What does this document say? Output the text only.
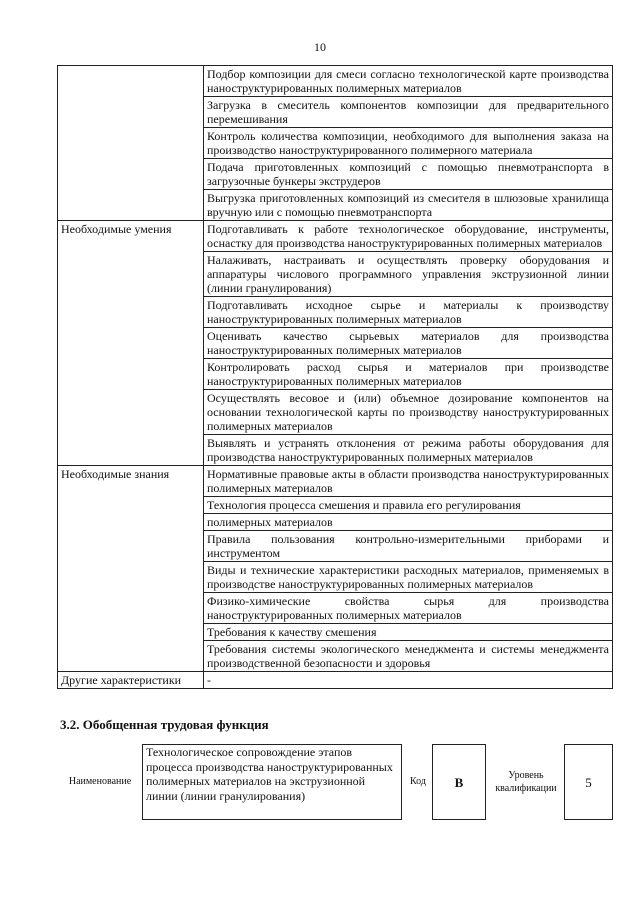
10
	Подбор композиции для смеси согласно технологической карте производства наноструктурированных полимерных материалов
	Загрузка в смеситель компонентов композиции для предварительного перемешивания
	Контроль количества композиции, необходимого для выполнения заказа на производство наноструктурированного полимерного материала
	Подача приготовленных композиций с помощью пневмотранспорта в загрузочные бункеры экструдеров
	Выгрузка приготовленных композиций из смесителя в шлюзовые хранилища вручную или с помощью пневмотранспорта
Необходимые умения	Подготавливать к работе технологическое оборудование, инструменты, оснастку для производства наноструктурированных полимерных материалов
	Налаживать, настраивать и осуществлять проверку оборудования и аппаратуры числового программного управления экструзионной линии (линии гранулирования)
	Подготавливать исходное сырье и материалы к производству наноструктурированных полимерных материалов
	Оценивать качество сырьевых материалов для производства наноструктурированных полимерных материалов
	Контролировать расход сырья и материалов при производстве наноструктурированных полимерных материалов
	Осуществлять весовое и (или) объемное дозирование компонентов на основании технологической карты по производству наноструктурированных полимерных материалов
	Выявлять и устранять отклонения от режима работы оборудования для производства наноструктурированных полимерных материалов
Необходимые знания	Нормативные правовые акты в области производства наноструктурированных полимерных материалов
	Технология процесса смешения и правила его регулирования
	полимерных материалов
	Правила пользования контрольно-измерительными приборами и инструментом
	Виды и технические характеристики расходных материалов, применяемых в производстве наноструктурированных полимерных материалов
	Физико-химические свойства сырья для производства наноструктурированных полимерных материалов
	Требования к качеству смешения
	Требования системы экологического менеджмента и системы менеджмента производственной безопасности и здоровья
Другие характеристики	-
3.2. Обобщенная трудовая функция
Наименование
Технологическое сопровождение этапов процесса производства наноструктурированных полимерных материалов на экструзионной линии (линии гранулирования)
Код	B	Уровень квалификации	5
